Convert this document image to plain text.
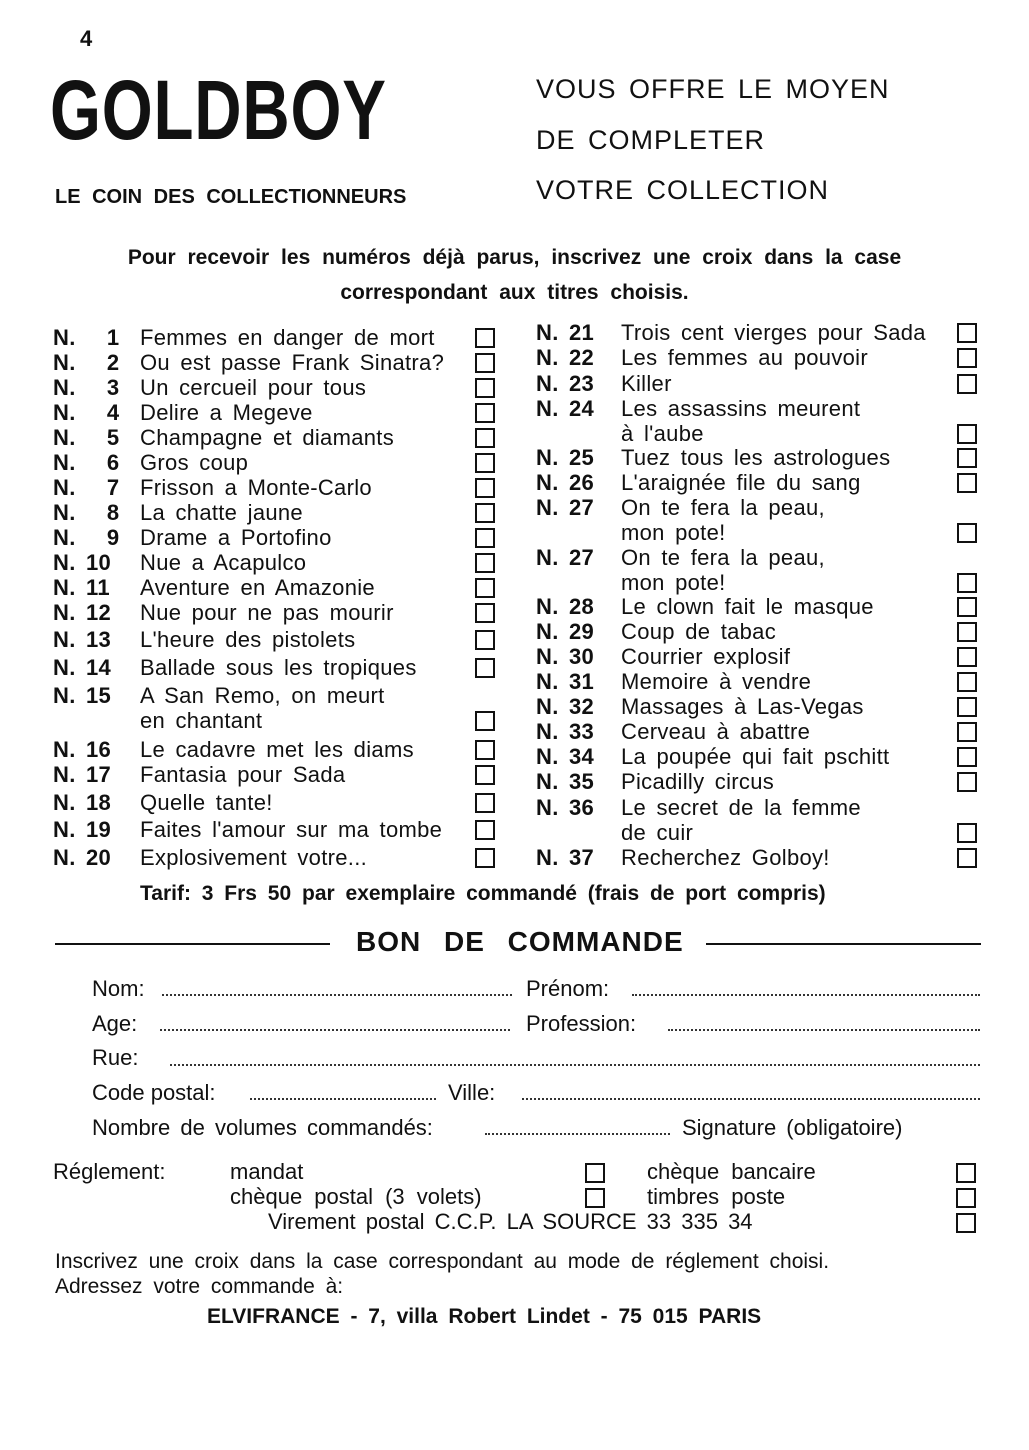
4
GOLDBOY
LE COIN DES COLLECTIONNEURS
VOUS OFFRE LE MOYEN
DE COMPLETER
VOTRE COLLECTION
Pour recevoir les numéros déjà parus, inscrivez une croix dans la case
correspondant aux titres choisis.
N.   1 Femmes en danger de mort
N.   2 Ou est passe Frank Sinatra?
N.   3 Un cercueil pour tous
N.   4 Delire a Megeve
N.   5 Champagne et diamants
N.   6 Gros coup
N.   7 Frisson a Monte-Carlo
N.   8 La chatte jaune
N.   9 Drame a Portofino
N. 10 Nue a Acapulco
N. 11 Aventure en Amazonie
N. 12 Nue pour ne pas mourir
N. 13 L'heure des pistolets
N. 14 Ballade sous les tropiques
N. 15 A San Remo, on meurt
en chantant
N. 16 Le cadavre met les diams
N. 17 Fantasia pour Sada
N. 18 Quelle tante!
N. 19 Faites l'amour sur ma tombe
N. 20 Explosivement votre...
N. 21 Trois cent vierges pour Sada
N. 22 Les femmes au pouvoir
N. 23 Killer
N. 24 Les assassins meurent
à l'aube
N. 25 Tuez tous les astrologues
N. 26 L'araignée file du sang
N. 27 On te fera la peau,
mon pote!
N. 27 On te fera la peau,
mon pote!
N. 28 Le clown fait le masque
N. 29 Coup de tabac
N. 30 Courrier explosif
N. 31 Memoire à vendre
N. 32 Massages à Las-Vegas
N. 33 Cerveau à abattre
N. 34 La poupée qui fait pschitt
N. 35 Picadilly circus
N. 36 Le secret de la femme
de cuir
N. 37 Recherchez Golboy!
Tarif: 3 Frs 50 par exemplaire commandé (frais de port compris)
BON DE COMMANDE
Nom:	Prénom:
Age:	Profession:
Rue:
Code postal:	Ville:
Nombre de volumes commandés:	Signature (obligatoire)
Réglement:	mandat	chèque bancaire
chèque postal (3 volets)	timbres poste
Virement postal C.C.P. LA SOURCE 33 335 34
Inscrivez une croix dans la case correspondant au mode de réglement choisi.
Adressez votre commande à:
ELVIFRANCE - 7, villa Robert Lindet - 75 015 PARIS
